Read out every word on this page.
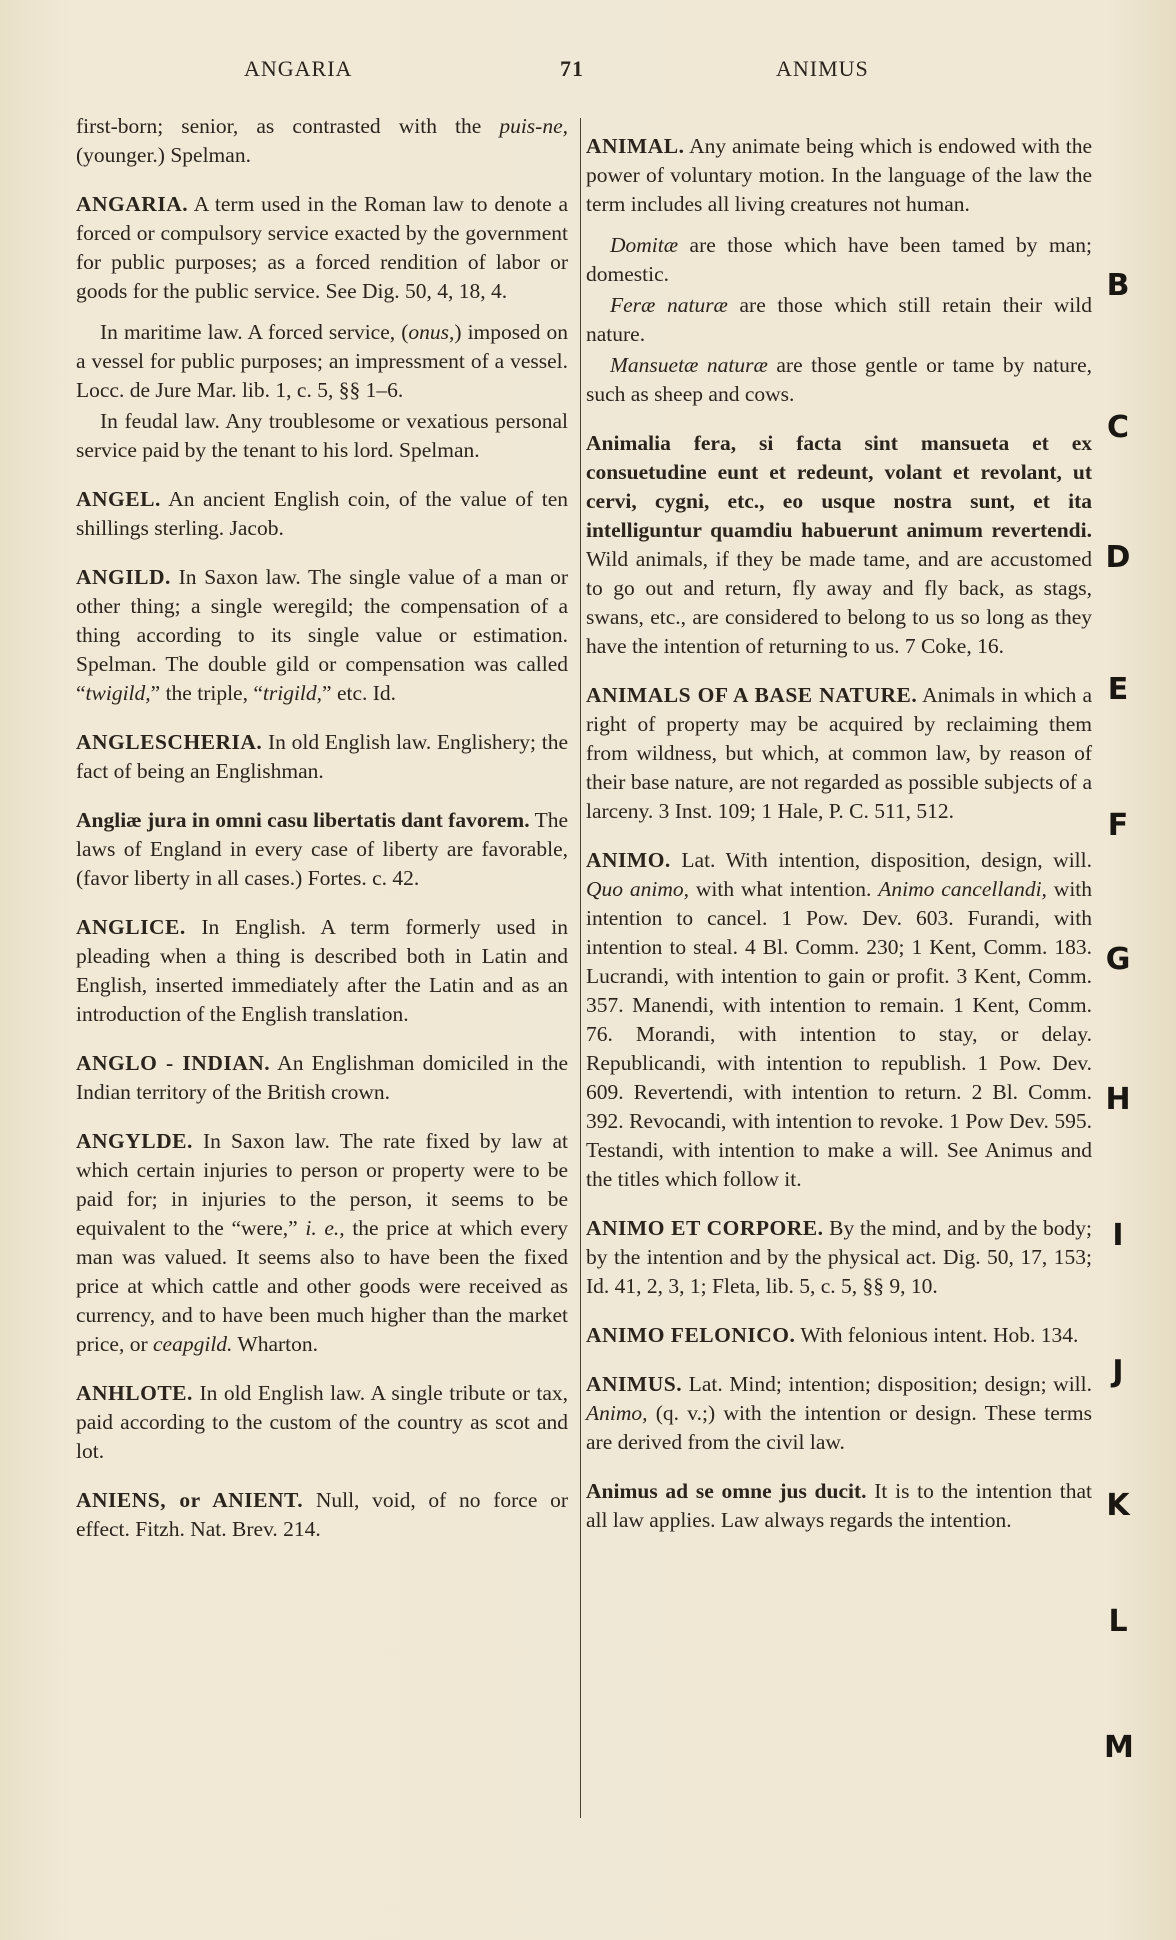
ANGARIA	71	ANIMUS

first-born; senior, as contrasted with the puis-ne, (younger.) Spelman.

ANGARIA. A term used in the Roman law to denote a forced or compulsory service exacted by the government for public purposes; as a forced rendition of labor or goods for the public service. See Dig. 50, 4, 18, 4.

In maritime law. A forced service, (onus,) imposed on a vessel for public purposes; an impressment of a vessel. Locc. de Jure Mar. lib. 1, c. 5, §§ 1–6.

In feudal law. Any troublesome or vexatious personal service paid by the tenant to his lord. Spelman.

ANGEL. An ancient English coin, of the value of ten shillings sterling. Jacob.

ANGILD. In Saxon law. The single value of a man or other thing; a single weregild; the compensation of a thing according to its single value or estimation. Spelman. The double gild or compensation was called “twigild,” the triple, “trigild,” etc. Id.

ANGLESCHERIA. In old English law. Englishery; the fact of being an Englishman.

Angliæ jura in omni casu libertatis dant favorem. The laws of England in every case of liberty are favorable, (favor liberty in all cases.) Fortes. c. 42.

ANGLICE. In English. A term formerly used in pleading when a thing is described both in Latin and English, inserted immediately after the Latin and as an introduction of the English translation.

ANGLO - INDIAN. An Englishman domiciled in the Indian territory of the British crown.

ANGYLDE. In Saxon law. The rate fixed by law at which certain injuries to person or property were to be paid for; in injuries to the person, it seems to be equivalent to the “were,” i. e., the price at which every man was valued. It seems also to have been the fixed price at which cattle and other goods were received as currency, and to have been much higher than the market price, or ceapgild. Wharton.

ANHLOTE. In old English law. A single tribute or tax, paid according to the custom of the country as scot and lot.

ANIENS, or ANIENT. Null, void, of no force or effect. Fitzh. Nat. Brev. 214.

ANIMAL. Any animate being which is endowed with the power of voluntary motion. In the language of the law the term includes all living creatures not human.

Domitæ are those which have been tamed by man; domestic.

Feræ naturæ are those which still retain their wild nature.

Mansuetæ naturæ are those gentle or tame by nature, such as sheep and cows.

Animalia fera, si facta sint mansueta et ex consuetudine eunt et redeunt, volant et revolant, ut cervi, cygni, etc., eo usque nostra sunt, et ita intelliguntur quamdiu habuerunt animum revertendi. Wild animals, if they be made tame, and are accustomed to go out and return, fly away and fly back, as stags, swans, etc., are considered to belong to us so long as they have the intention of returning to us. 7 Coke, 16.

ANIMALS OF A BASE NATURE. Animals in which a right of property may be acquired by reclaiming them from wildness, but which, at common law, by reason of their base nature, are not regarded as possible subjects of a larceny. 3 Inst. 109; 1 Hale, P. C. 511, 512.

ANIMO. Lat. With intention, disposition, design, will. Quo animo, with what intention. Animo cancellandi, with intention to cancel. 1 Pow. Dev. 603. Furandi, with intention to steal. 4 Bl. Comm. 230; 1 Kent, Comm. 183. Lucrandi, with intention to gain or profit. 3 Kent, Comm. 357. Manendi, with intention to remain. 1 Kent, Comm. 76. Morandi, with intention to stay, or delay. Republicandi, with intention to republish. 1 Pow. Dev. 609. Revertendi, with intention to return. 2 Bl. Comm. 392. Revocandi, with intention to revoke. 1 Pow Dev. 595. Testandi, with intention to make a will. See Animus and the titles which follow it.

ANIMO ET CORPORE. By the mind, and by the body; by the intention and by the physical act. Dig. 50, 17, 153; Id. 41, 2, 3, 1; Fleta, lib. 5, c. 5, §§ 9, 10.

ANIMO FELONICO. With felonious intent. Hob. 134.

ANIMUS. Lat. Mind; intention; disposition; design; will. Animo, (q. v.;) with the intention or design. These terms are derived from the civil law.

Animus ad se omne jus ducit. It is to the intention that all law applies. Law always regards the intention.

B
C
D
E
F
G
H
I
J
K
L
M
